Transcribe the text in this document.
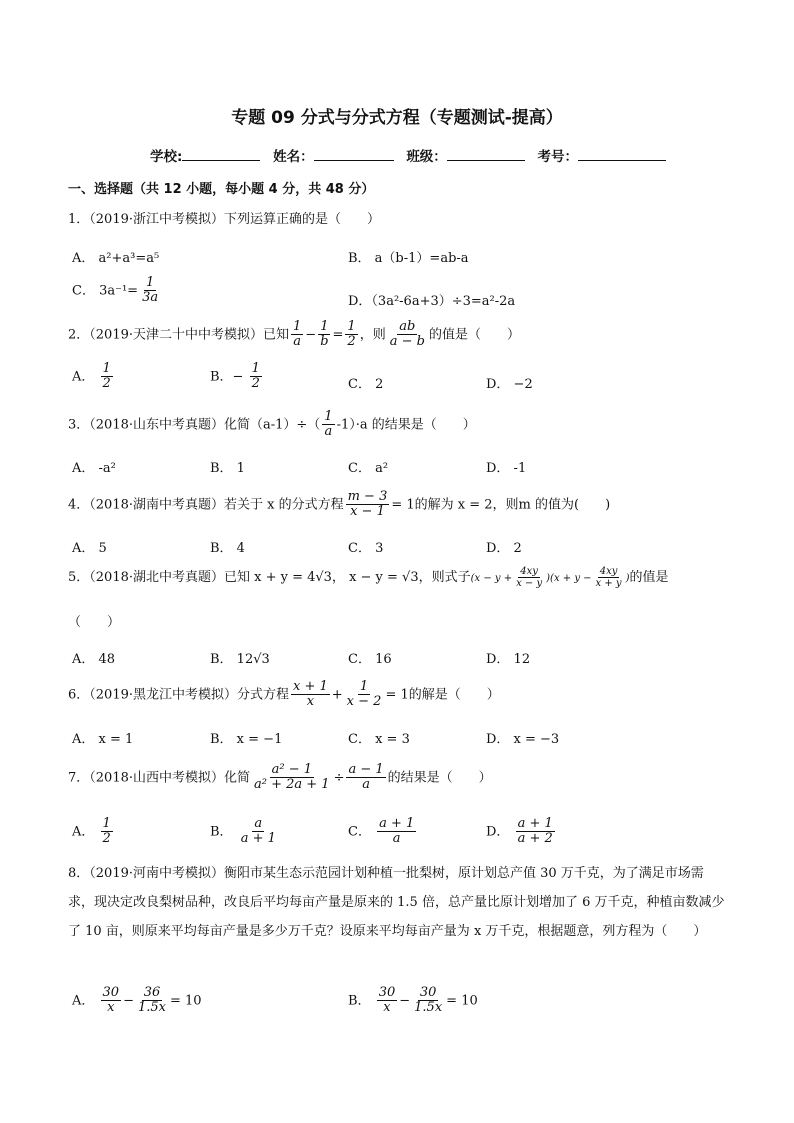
专题 09 分式与分式方程（专题测试-提高）
学校:	姓名：	班级：	考号：
一、选择题（共 12 小题，每小题 4 分，共 48 分）
1．（2019·浙江中考模拟）下列运算正确的是（　　）
A． a²+a³=a⁵	B． a（b-1）=ab-a
C． $3a^{-1}= \frac{1}{3a}$	D．（3a²-6a+3）÷3=a²-2a
2．（2019·天津二十中中考模拟）已知 $\frac{1}{a} - \frac{1}{b} = \frac{1}{2}$ ，则 $\frac{ab}{a - b}$ 的值是（　　）
A． $\frac{1}{2}$	B．− $\frac{1}{2}$	C． 2	D． −2
3．（2018·山东中考真题）化简$(a-1)\div( \frac{1}{a} -1)\cdot a$ 的结果是（　　）
A． -a²	B． 1	C． a²	D． -1
4．（2018·湖南中考真题）若关于 x 的分式方程 $\frac{m - 3}{x - 1} = 1$的解为 x = 2，则m 的值为(　　)
A． 5	B． 4	C． 3	D． 2
5．（2018·湖北中考真题）已知 x + y = 4√3， x − y = √3，则式子$(x - y + \frac{4xy}{x - y} )(x + y - \frac{4xy}{x + y}$ )的值是
（　　）
A． 48	B． 12√3	C． 16	D． 12
6．（2019·黑龙江中考模拟）分式方程 $\frac{x + 1}{x} + \frac{1}{x - 2} = 1$的解是（　　）
A． x = 1	B． x = −1	C． x = 3	D． x = −3
7．（2018·山西中考模拟）化简 $\frac{\text{a² − 1}}{\text{a² + 2a + 1}} \div \frac{a - 1}{a}$ 的结果是（　　）
A． $\frac{1}{2}$	B． $\frac{a}{a + 1}$	C． $\frac{a + 1}{a}$	D． $\frac{a + 1}{a + 2}$
8．（2019·河南中考模拟）衡阳市某生态示范园计划种植一批梨树，原计划总产值 30 万千克，为了满足市场需求，现决定改良梨树品种，改良后平均每亩产量是原来的 1.5 倍，总产量比原计划增加了 6 万千克，种植亩数减少了 10 亩，则原来平均每亩产量是多少万千克？设原来平均每亩产量为 x 万千克，根据题意，列方程为（　　）
A． $\frac{30}{x} - \frac{36}{1.5x} = 10$	B． $\frac{30}{x} - \frac{30}{1.5x} = 10$
